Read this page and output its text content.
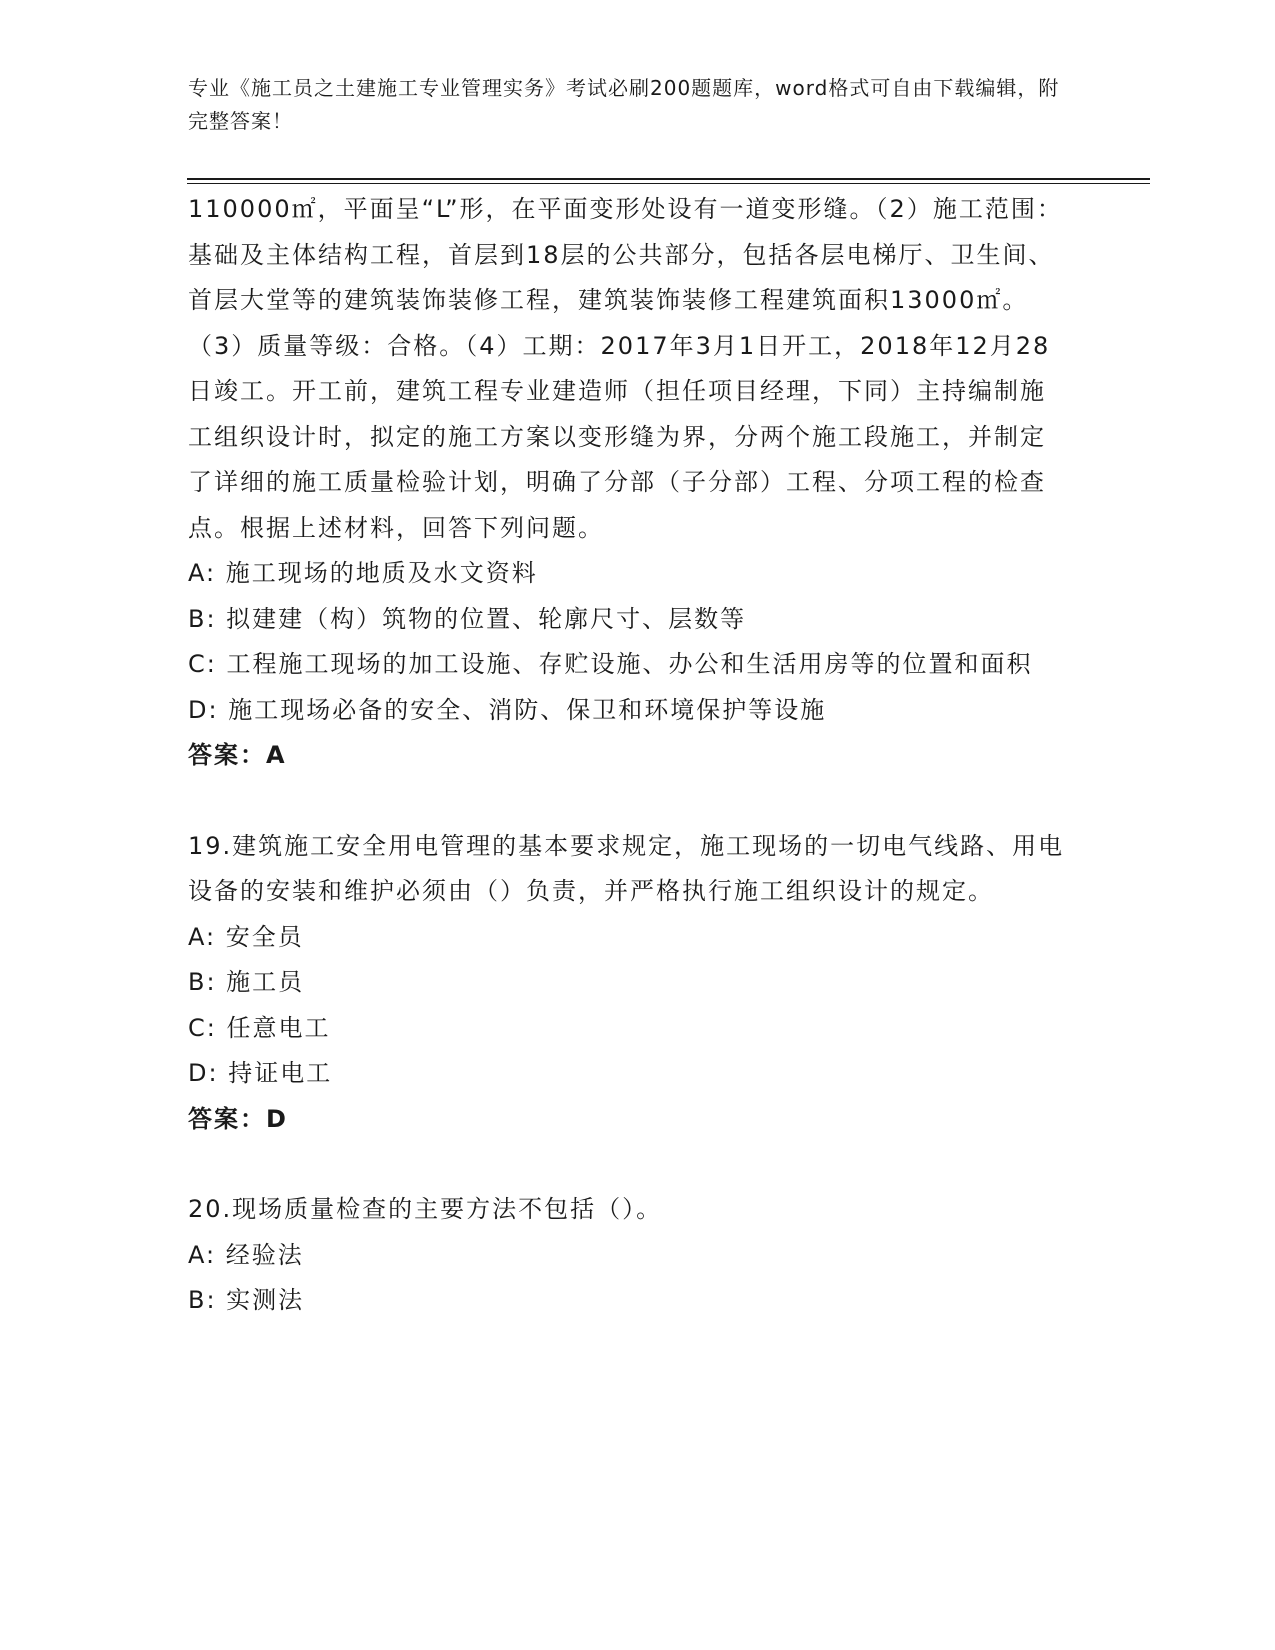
专业《施工员之土建施工专业管理实务》考试必刷200题题库，word格式可自由下载编辑，附完整答案！

110000㎡，平面呈“L”形，在平面变形处设有一道变形缝。（2）施工范围：基础及主体结构工程，首层到18层的公共部分，包括各层电梯厅、卫生间、首层大堂等的建筑装饰装修工程，建筑装饰装修工程建筑面积13000㎡。（3）质量等级：合格。（4）工期：2017年3月1日开工，2018年12月28日竣工。开工前，建筑工程专业建造师（担任项目经理，下同）主持编制施工组织设计时，拟定的施工方案以变形缝为界，分两个施工段施工，并制定了详细的施工质量检验计划，明确了分部（子分部）工程、分项工程的检查点。根据上述材料，回答下列问题。

A: 施工现场的地质及水文资料

B: 拟建建（构）筑物的位置、轮廓尺寸、层数等

C: 工程施工现场的加工设施、存贮设施、办公和生活用房等的位置和面积

D: 施工现场必备的安全、消防、保卫和环境保护等设施

答案：A

19.建筑施工安全用电管理的基本要求规定，施工现场的一切电气线路、用电设备的安装和维护必须由（）负责，并严格执行施工组织设计的规定。

A: 安全员

B: 施工员

C: 任意电工

D: 持证电工

答案：D

20.现场质量检查的主要方法不包括（）。

A: 经验法

B: 实测法
